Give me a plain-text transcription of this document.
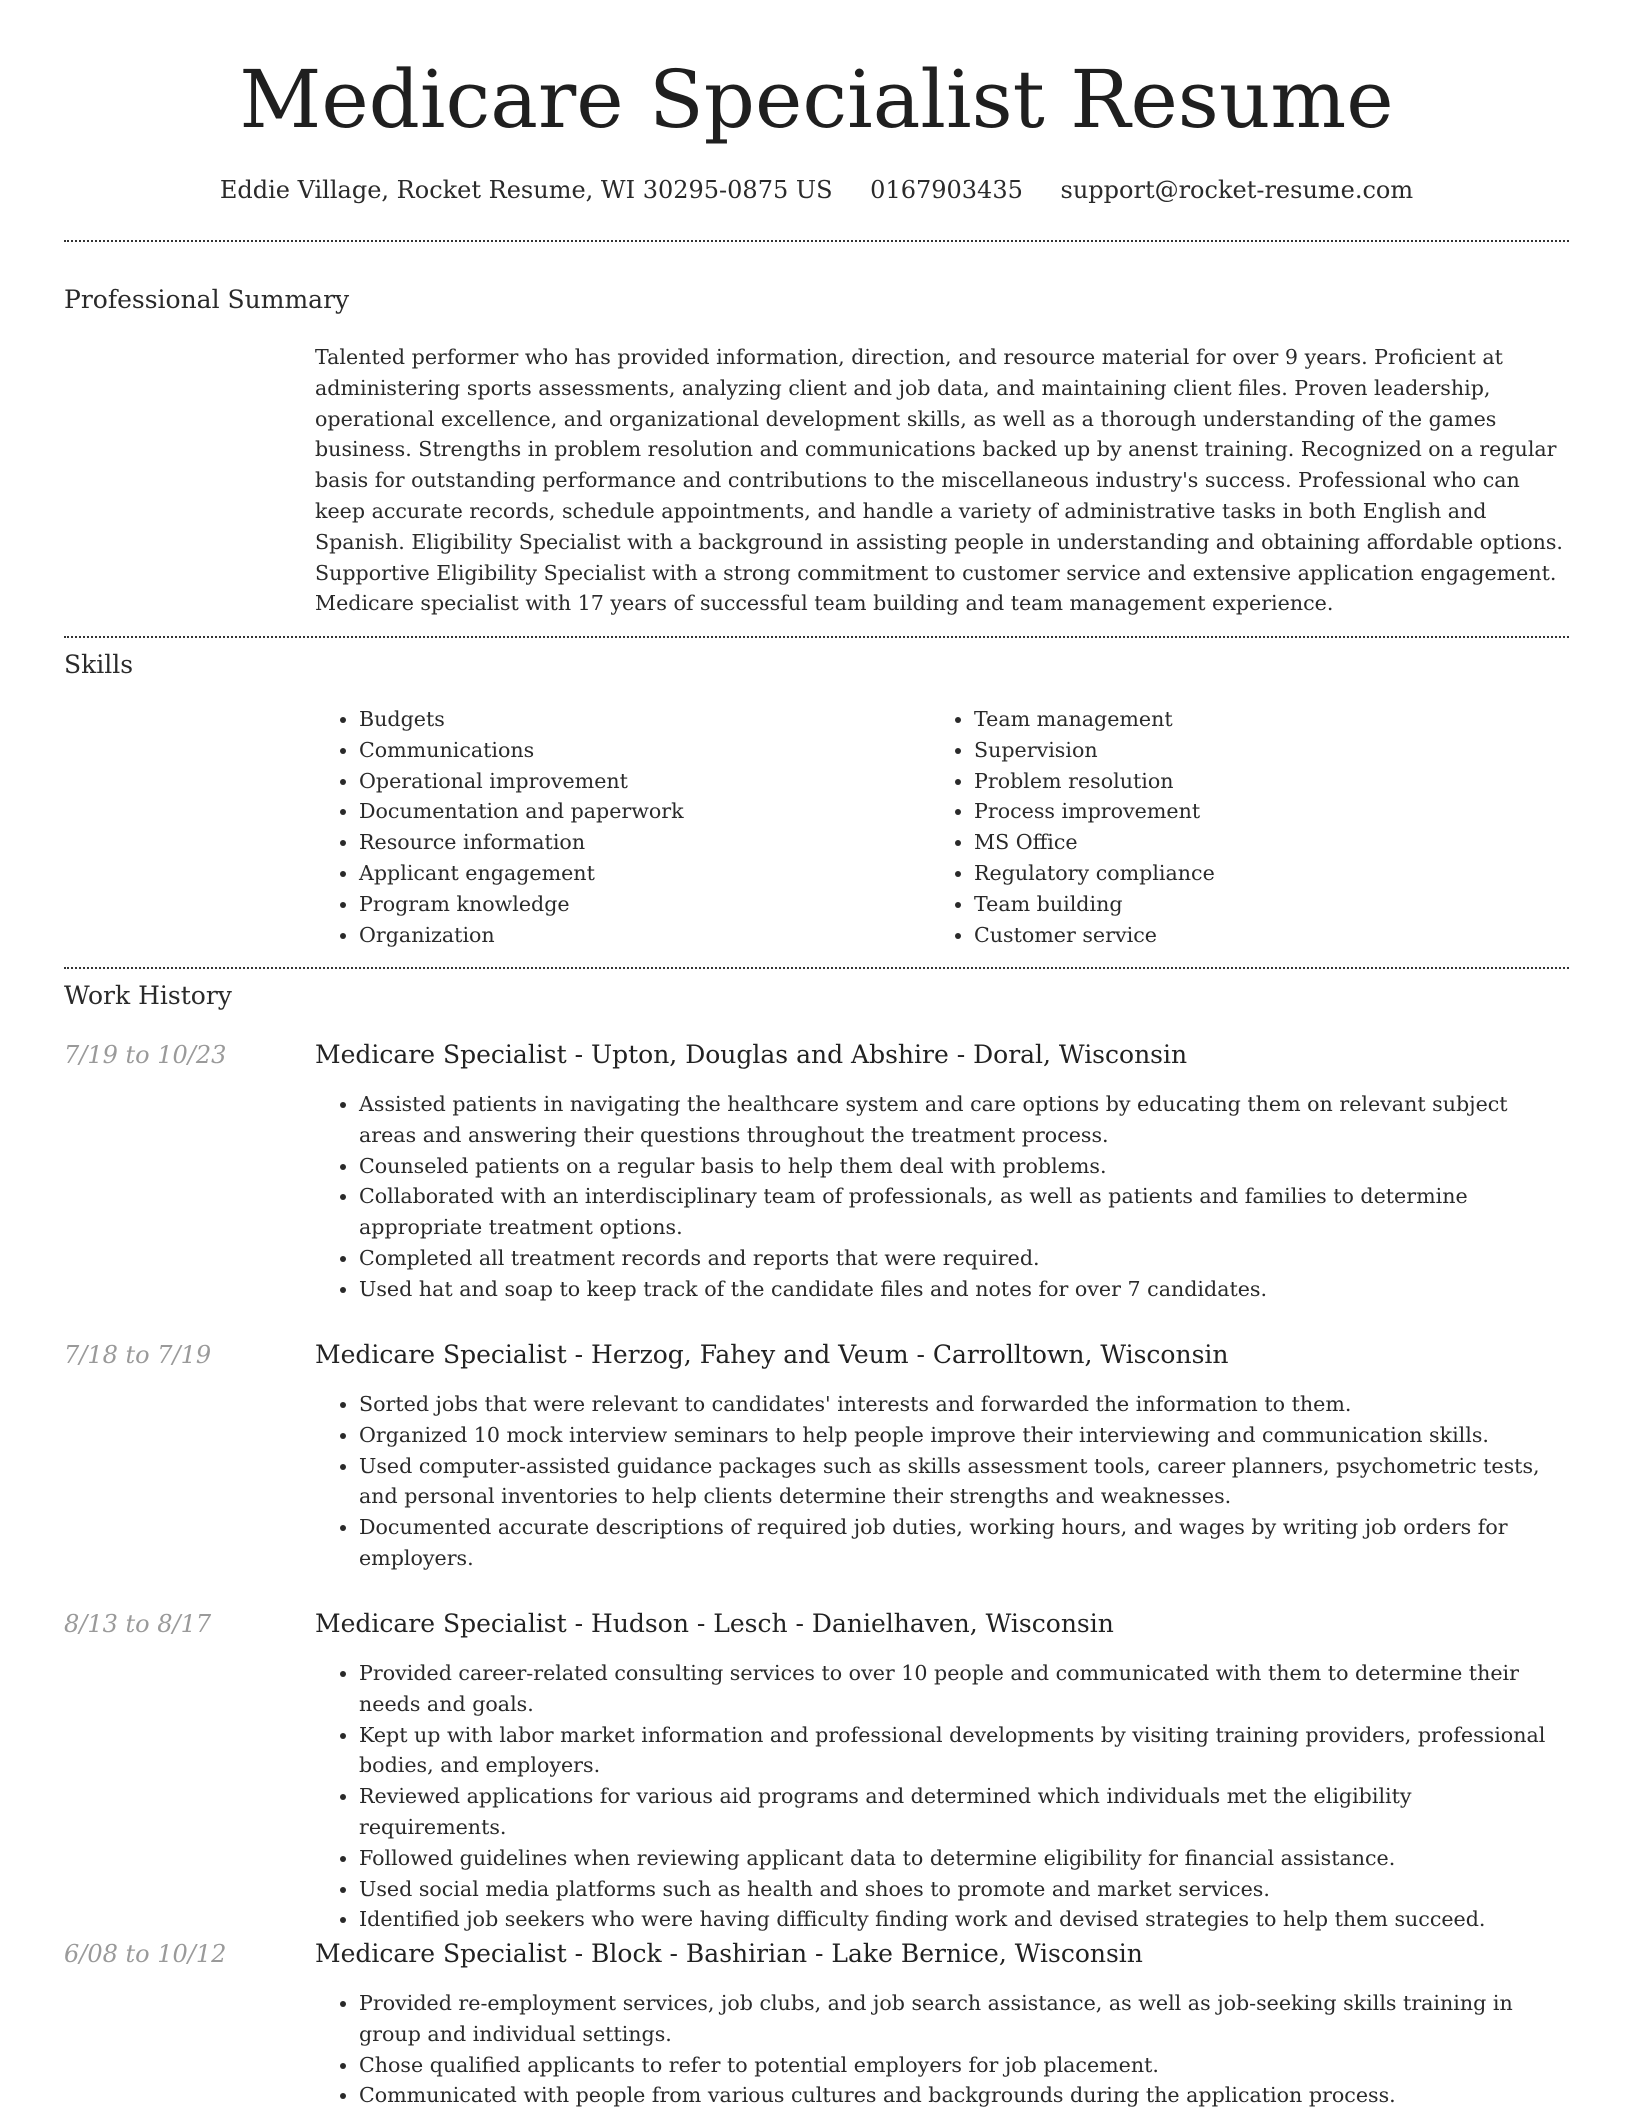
Medicare Specialist Resume
Eddie Village, Rocket Resume, WI 30295-0875 US 0167903435 support@rocket-resume.com
Professional Summary

Talented performer who has provided information, direction, and resource material for over 9 years. Proficient at administering sports assessments, analyzing client and job data, and maintaining client files. Proven leadership, operational excellence, and organizational development skills, as well as a thorough understanding of the games business. Strengths in problem resolution and communications backed up by anenst training. Recognized on a regular basis for outstanding performance and contributions to the miscellaneous industry's success. Professional who can keep accurate records, schedule appointments, and handle a variety of administrative tasks in both English and Spanish. Eligibility Specialist with a background in assisting people in understanding and obtaining affordable options. Supportive Eligibility Specialist with a strong commitment to customer service and extensive application engagement. Medicare specialist with 17 years of successful team building and team management experience.

Skills
• Budgets
• Communications
• Operational improvement
• Documentation and paperwork
• Resource information
• Applicant engagement
• Program knowledge
• Organization
• Team management
• Supervision
• Problem resolution
• Process improvement
• MS Office
• Regulatory compliance
• Team building
• Customer service
Work History
7/19 to 10/23	Medicare Specialist - Upton, Douglas and Abshire - Doral, Wisconsin
• Assisted patients in navigating the healthcare system and care options by educating them on relevant subject areas and answering their questions throughout the treatment process.
• Counseled patients on a regular basis to help them deal with problems.
• Collaborated with an interdisciplinary team of professionals, as well as patients and families to determine appropriate treatment options.
• Completed all treatment records and reports that were required.
• Used hat and soap to keep track of the candidate files and notes for over 7 candidates.
7/18 to 7/19	Medicare Specialist - Herzog, Fahey and Veum - Carrolltown, Wisconsin
• Sorted jobs that were relevant to candidates' interests and forwarded the information to them.
• Organized 10 mock interview seminars to help people improve their interviewing and communication skills.
• Used computer-assisted guidance packages such as skills assessment tools, career planners, psychometric tests, and personal inventories to help clients determine their strengths and weaknesses.
• Documented accurate descriptions of required job duties, working hours, and wages by writing job orders for employers.
8/13 to 8/17	Medicare Specialist - Hudson - Lesch - Danielhaven, Wisconsin
• Provided career-related consulting services to over 10 people and communicated with them to determine their needs and goals.
• Kept up with labor market information and professional developments by visiting training providers, professional bodies, and employers.
• Reviewed applications for various aid programs and determined which individuals met the eligibility requirements.
• Followed guidelines when reviewing applicant data to determine eligibility for financial assistance.
• Used social media platforms such as health and shoes to promote and market services.
• Identified job seekers who were having difficulty finding work and devised strategies to help them succeed.
6/08 to 10/12	Medicare Specialist - Block - Bashirian - Lake Bernice, Wisconsin
• Provided re-employment services, job clubs, and job search assistance, as well as job-seeking skills training in group and individual settings.
• Chose qualified applicants to refer to potential employers for job placement.
• Communicated with people from various cultures and backgrounds during the application process.
